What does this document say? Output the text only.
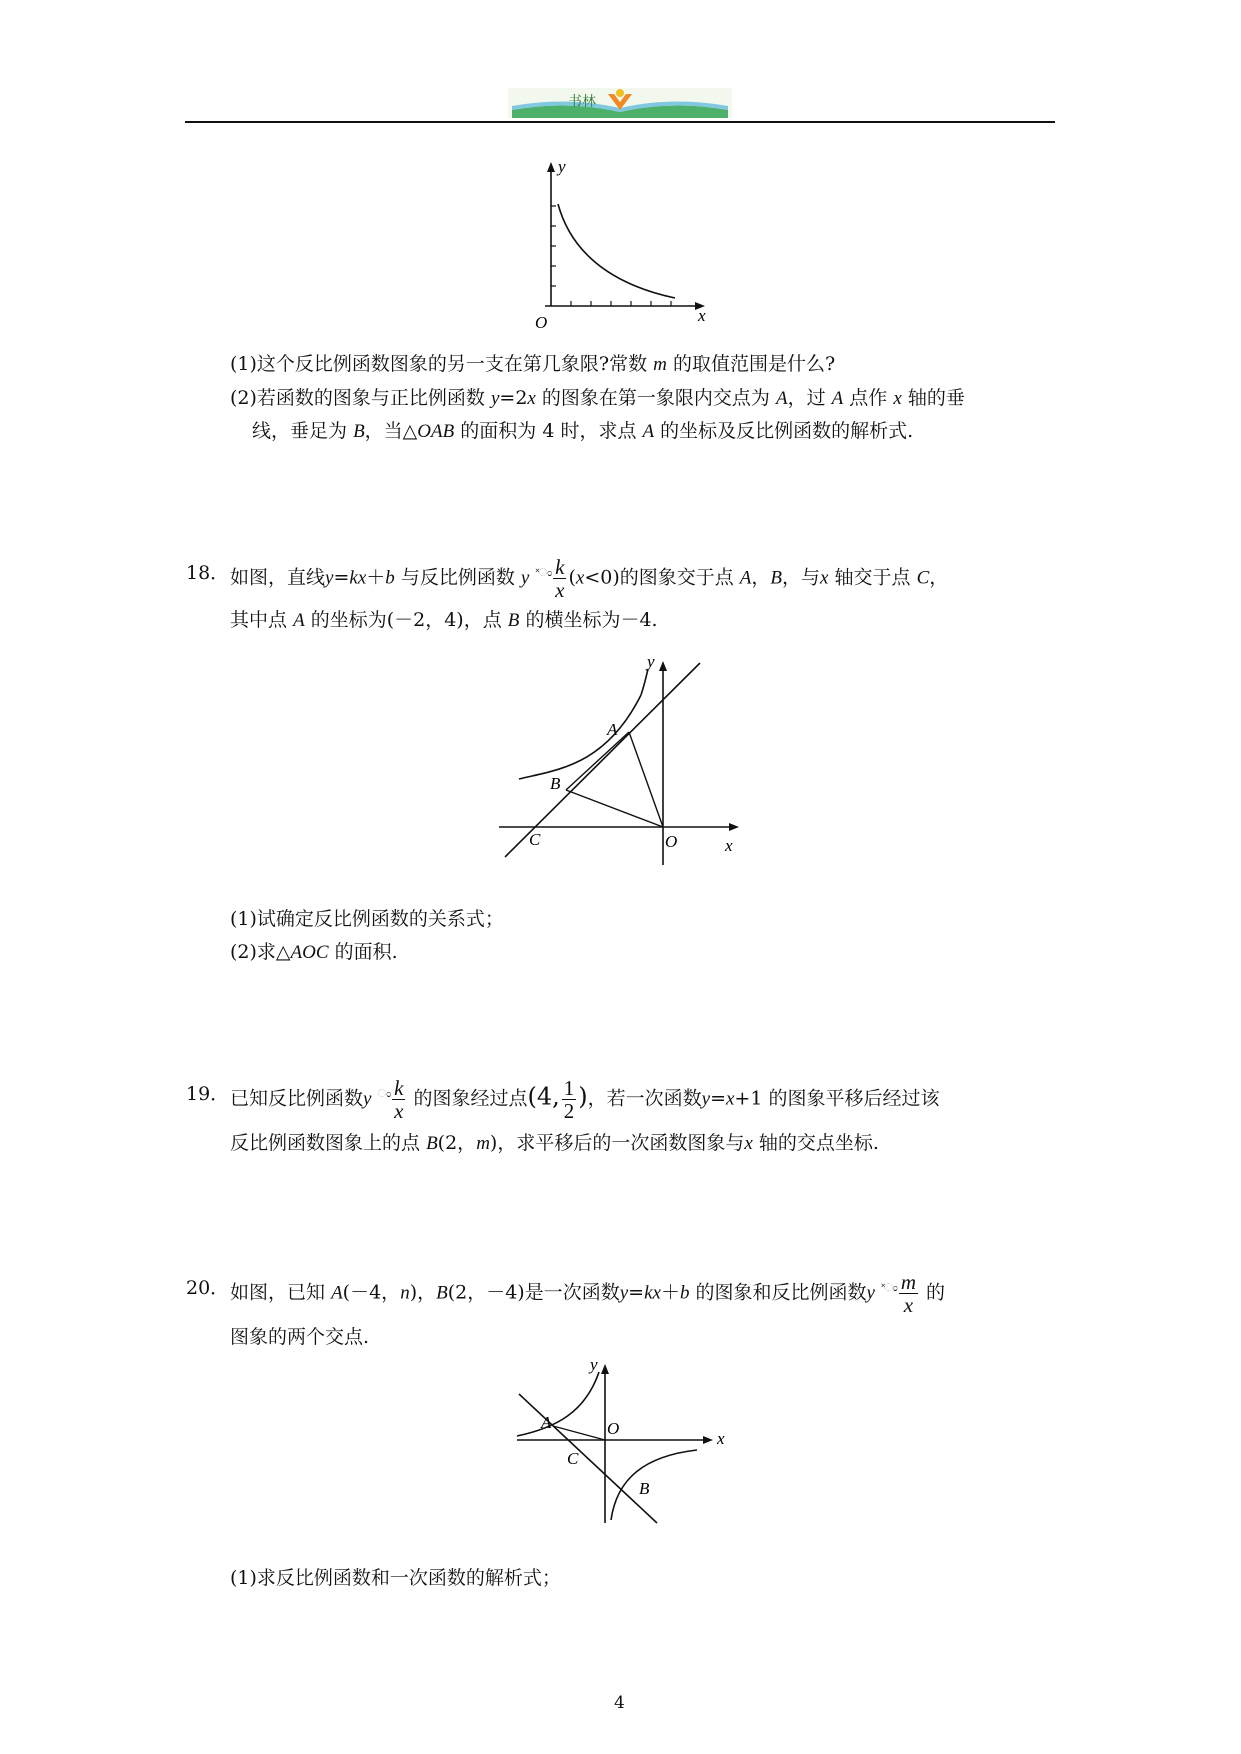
书林
y
x
O
(1)这个反比例函数图象的另一支在第几象限?常数 m 的取值范围是什么?
(2)若函数的图象与正比例函数 y=2x 的图象在第一象限内交点为 A，过 A 点作 x 轴的垂
线，垂足为 B，当△OAB 的面积为 4 时，求点 A 的坐标及反比例函数的解析式.
18． 如图，直线y=kx＋b 与反比例函数 y $^{˟ಂ} \frac{k}{x} (x<0)$的图象交于点 A，B，与x 轴交于点 C，
其中点 A 的坐标为(－2，4)，点 B 的横坐标为－4.
y
x
O
A
B
C
(1)试确定反比例函数的关系式；
(2)求△AOC 的面积.
19． 已知反比例函数y $^ಂ \frac{k}{x}$ 的图象经过点(4, $\frac{1}{2}$ )，若一次函数y=x+1 的图象平移后经过该
反比例函数图象上的点 B(2，m)，求平移后的一次函数图象与x 轴的交点坐标.
20． 如图，已知 A(－4，n)，B(2，－4)是一次函数y=kx＋b 的图象和反比例函数y $^{˟ಂ} \frac{m}{x}$ 的
图象的两个交点.
y
x
O
A
B
C
(1)求反比例函数和一次函数的解析式；
4
